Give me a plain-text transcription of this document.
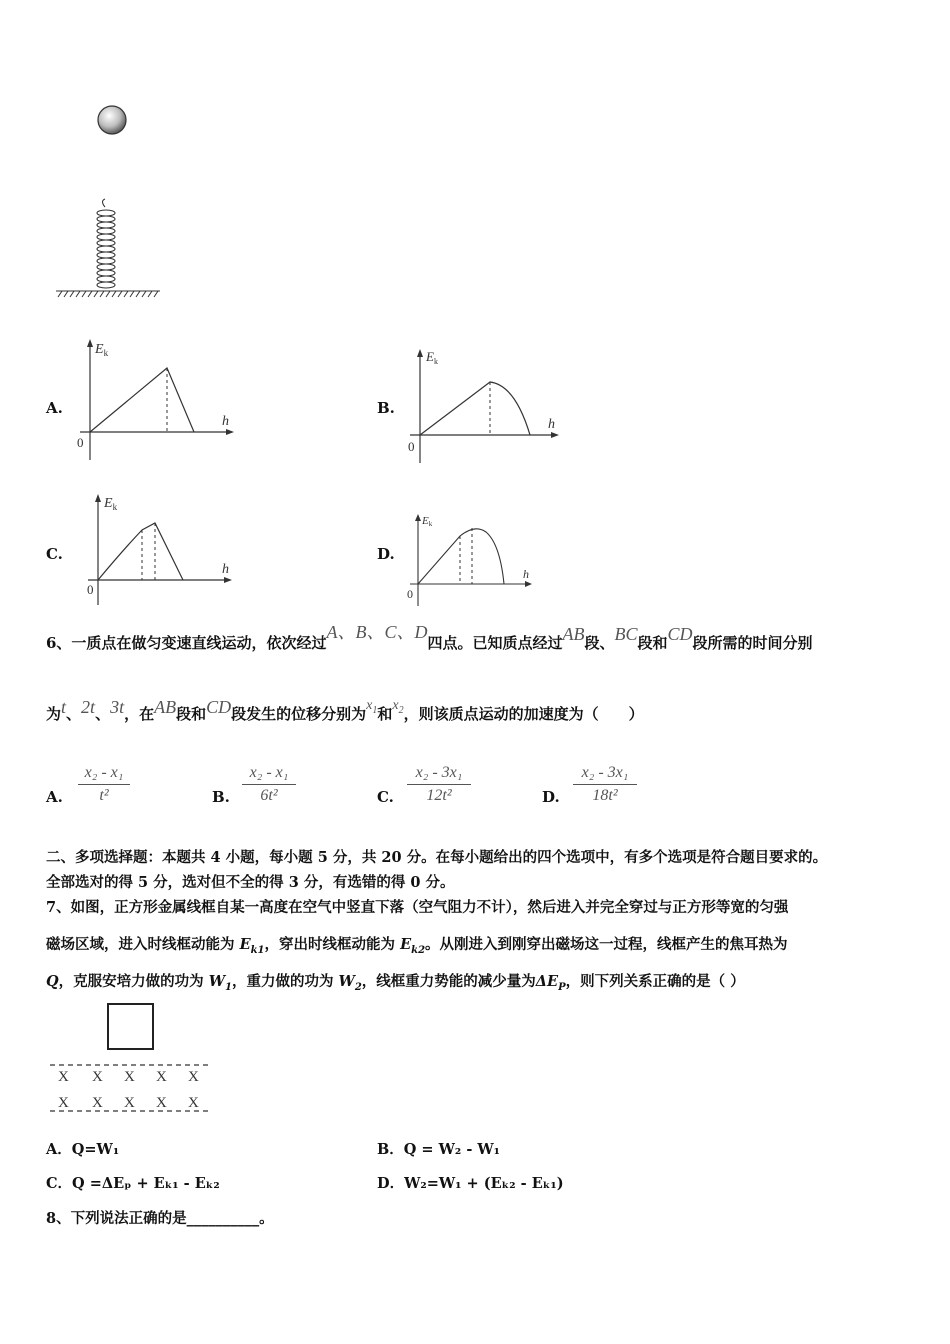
A.	B.
C.	D.
$E_k$
h
0
$E_k$
h
0
$E_k$
h
0
Ek
h
0
6、一质点在做匀变速直线运动，依次经过A、B、C、D四点。已知质点经过AB段、BC段和CD段所需的时间分别
为t、2t、3t，在AB段和CD段发生的位移分别为$x_1$和$x_2$，则该质点运动的加速度为（　　）
A.
x₂ - x₁
t²	B.
x₂ - x₁
6t²	C.
x₂ - 3x₁
12t²	D.
x₂ - 3x₁
18t²
二、多项选择题：本题共 4 小题，每小题 5 分，共 20 分。在每小题给出的四个选项中，有多个选项是符合题目要求的。
全部选对的得 5 分，选对但不全的得 3 分，有选错的得 0 分。
7、如图，正方形金属线框自某一高度在空气中竖直下落（空气阻力不计），然后进入并完全穿过与正方形等宽的匀强
磁场区域，进入时线框动能为 $E_{k1}$，穿出时线框动能为 $E_{k2}$。从刚进入到刚穿出磁场这一过程，线框产生的焦耳热为
Q，克服安培力做的功为 $W_1$，重力做的功为 $W_2$，线框重力势能的减少量为$\Delta E_P$，则下列关系正确的是（ ）
X X X X X
X X X X X
A．Q=W₁	B．Q = W₂ - W₁
C．Q =ΔEₚ + Eₖ₁ - Eₖ₂	D．W₂=W₁ + (Eₖ₂ - Eₖ₁)
8、下列说法正确的是__________。
